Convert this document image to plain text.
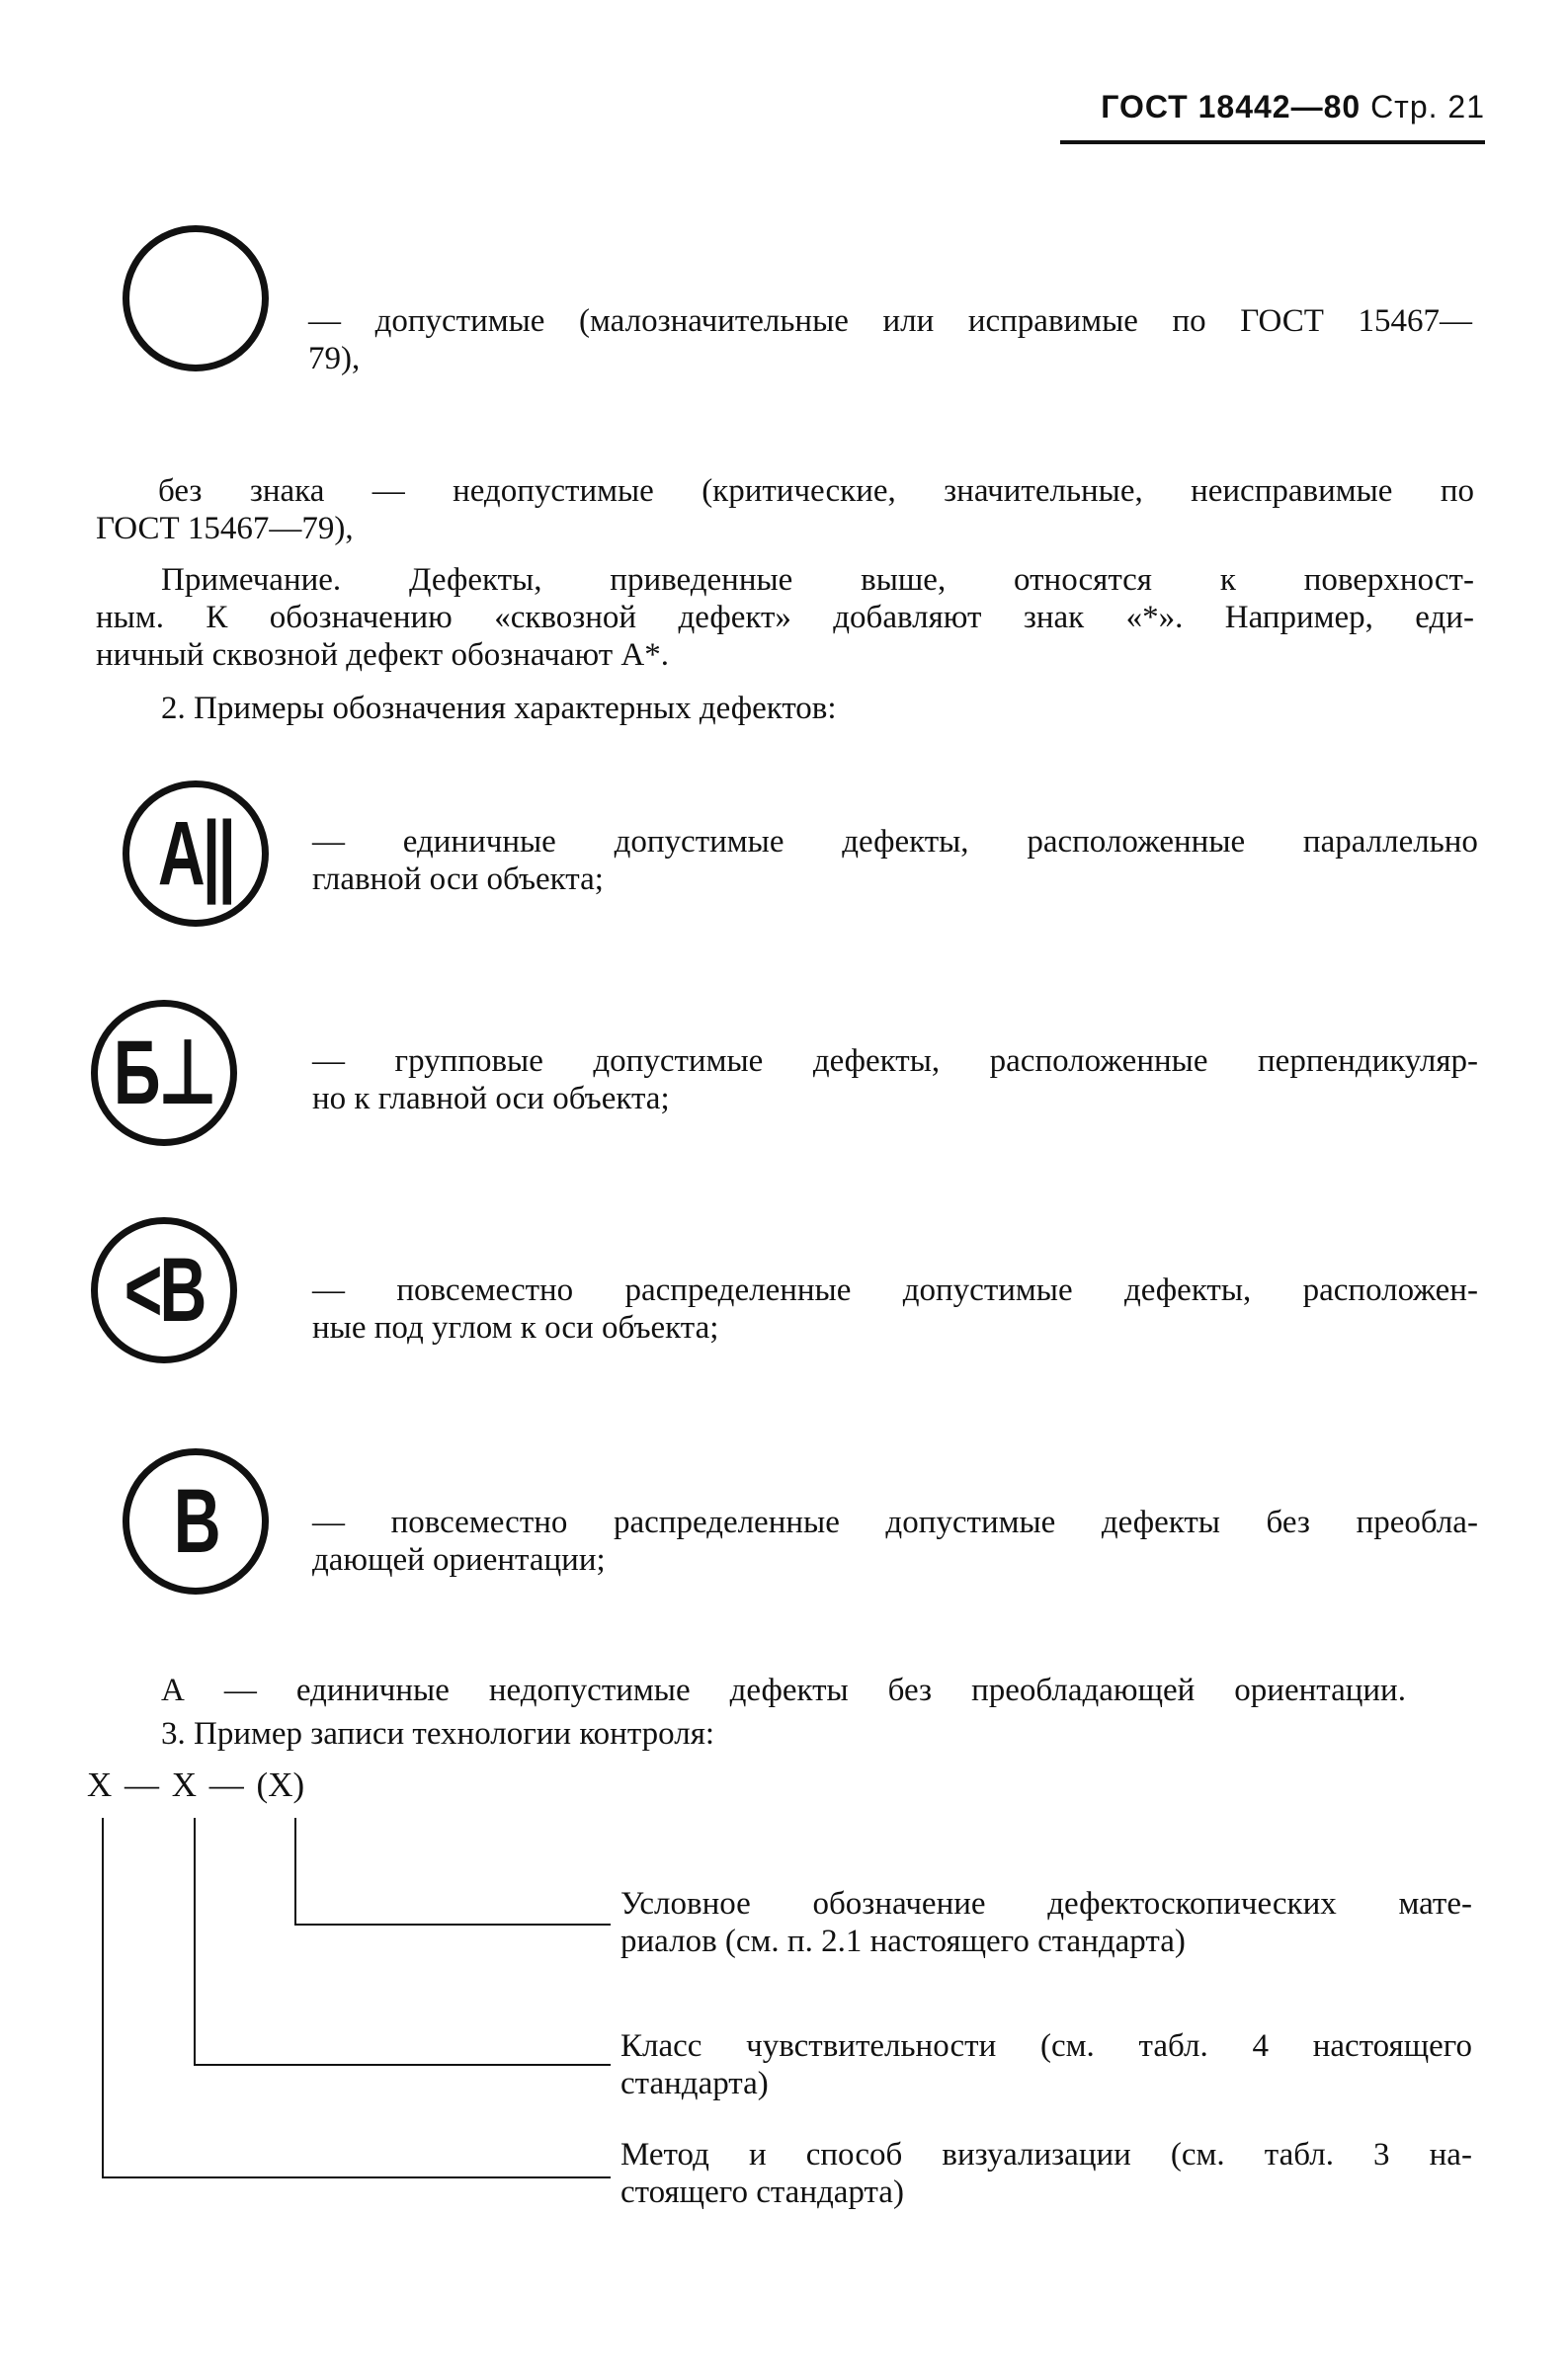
ГОСТ 18442—80 Стр. 21
— допустимые (малозначительные или исправимые по ГОСТ 15467—
79),
без знака — недопустимые (критические, значительные, неисправимые по
ГОСТ 15467—79),
Примечание. Дефекты, приведенные выше, относятся к поверхност-
ным. К обозначению «сквозной дефект» добавляют знак «*». Например, еди-
ничный сквозной дефект обозначают А*.
2. Примеры обозначения характерных дефектов:
А|| — единичные допустимые дефекты, расположенные параллельно
главной оси объекта;
Б⊥	— групповые допустимые дефекты, расположенные перпендикуляр-
но к главной оси объекта;
<В	— повсеместно распределенные допустимые дефекты, расположен-
ные под углом к оси объекта;
В	— повсеместно распределенные допустимые дефекты без преобла-
дающей ориентации;
А — единичные недопустимые дефекты без преобладающей ориентации.
3. Пример записи технологии контроля:
Х — Х — (Х)
Условное обозначение дефектоскопических мате-
риалов (см. п. 2.1 настоящего стандарта)
Класс чувствительности (см. табл. 4 настоящего
стандарта)
Метод и способ визуализации (см. табл. 3 на-
стоящего стандарта)
